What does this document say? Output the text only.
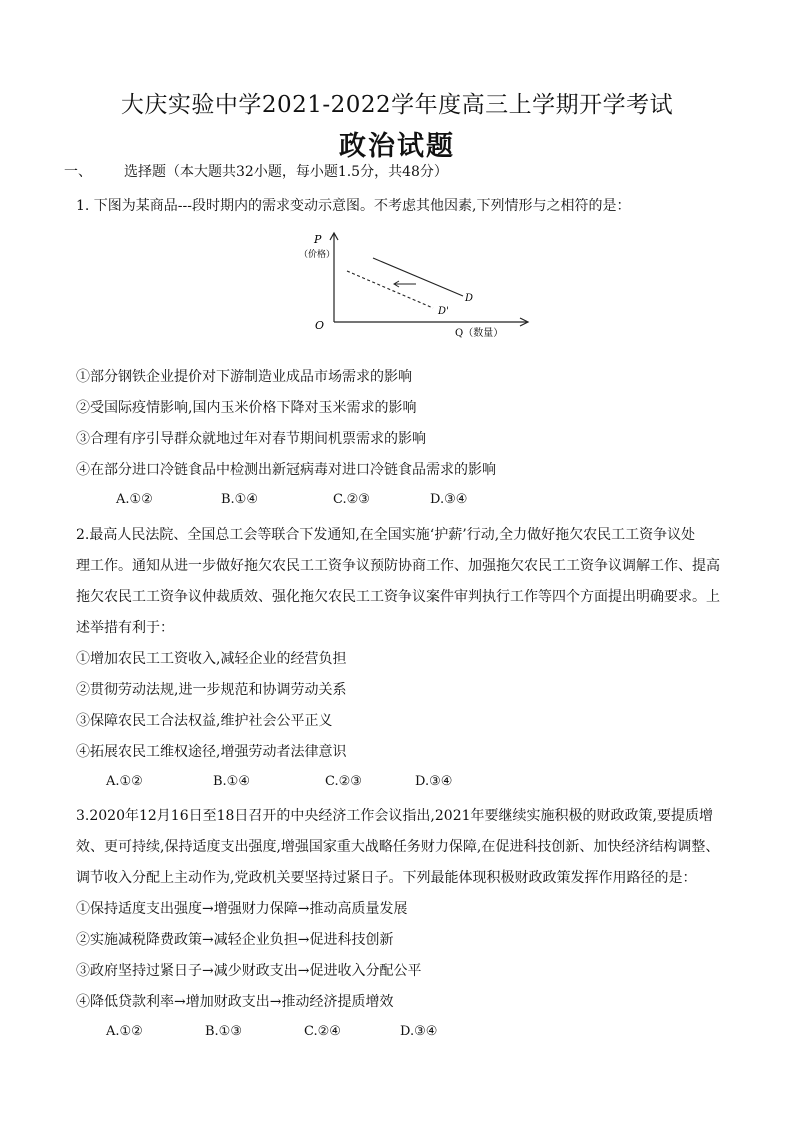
大庆实验中学2021-2022学年度高三上学期开学考试
政治试题
一、 选择题（本大题共32小题，每小题1.5分，共48分）
1. 下图为某商品---段时期内的需求变动示意图。不考虑其他因素,下列情形与之相符的是：
P
（价格）
O
D
D'
Q（数量）
①部分钢铁企业提价对下游制造业成品市场需求的影响
②受国际疫情影响,国内玉米价格下降对玉米需求的影响
③合理有序引导群众就地过年对春节期间机票需求的影响
④在部分进口冷链食品中检测出新冠病毒对进口冷链食品需求的影响
A.①②	B.①④	C.②③	D.③④
2.最高人民法院、全国总工会等联合下发通知,在全国实施‘护薪’行动,全力做好拖欠农民工工资争议处
理工作。通知从进一步做好拖欠农民工工资争议预防协商工作、加强拖欠农民工工资争议调解工作、提高
拖欠农民工工资争议仲裁质效、强化拖欠农民工工资争议案件审判执行工作等四个方面提出明确要求。上
述举措有利于：
①增加农民工工资收入,减轻企业的经营负担
②贯彻劳动法规,进一步规范和协调劳动关系
③保障农民工合法权益,维护社会公平正义
④拓展农民工维权途径,增强劳动者法律意识
A.①②	B.①④	C.②③	D.③④
3.2020年12月16日至18日召开的中央经济工作会议指出,2021年要继续实施积极的财政政策,要提质增
效、更可持续,保持适度支出强度,增强国家重大战略任务财力保障,在促进科技创新、加快经济结构调整、
调节收入分配上主动作为,党政机关要坚持过紧日子。下列最能体现积极财政政策发挥作用路径的是：
①保持适度支出强度→增强财力保障→推动高质量发展
②实施减税降费政策→减轻企业负担→促进科技创新
③政府坚持过紧日子→减少财政支出→促进收入分配公平
④降低贷款利率→增加财政支出→推动经济提质增效
A.①②	B.①③	C.②④	D.③④
